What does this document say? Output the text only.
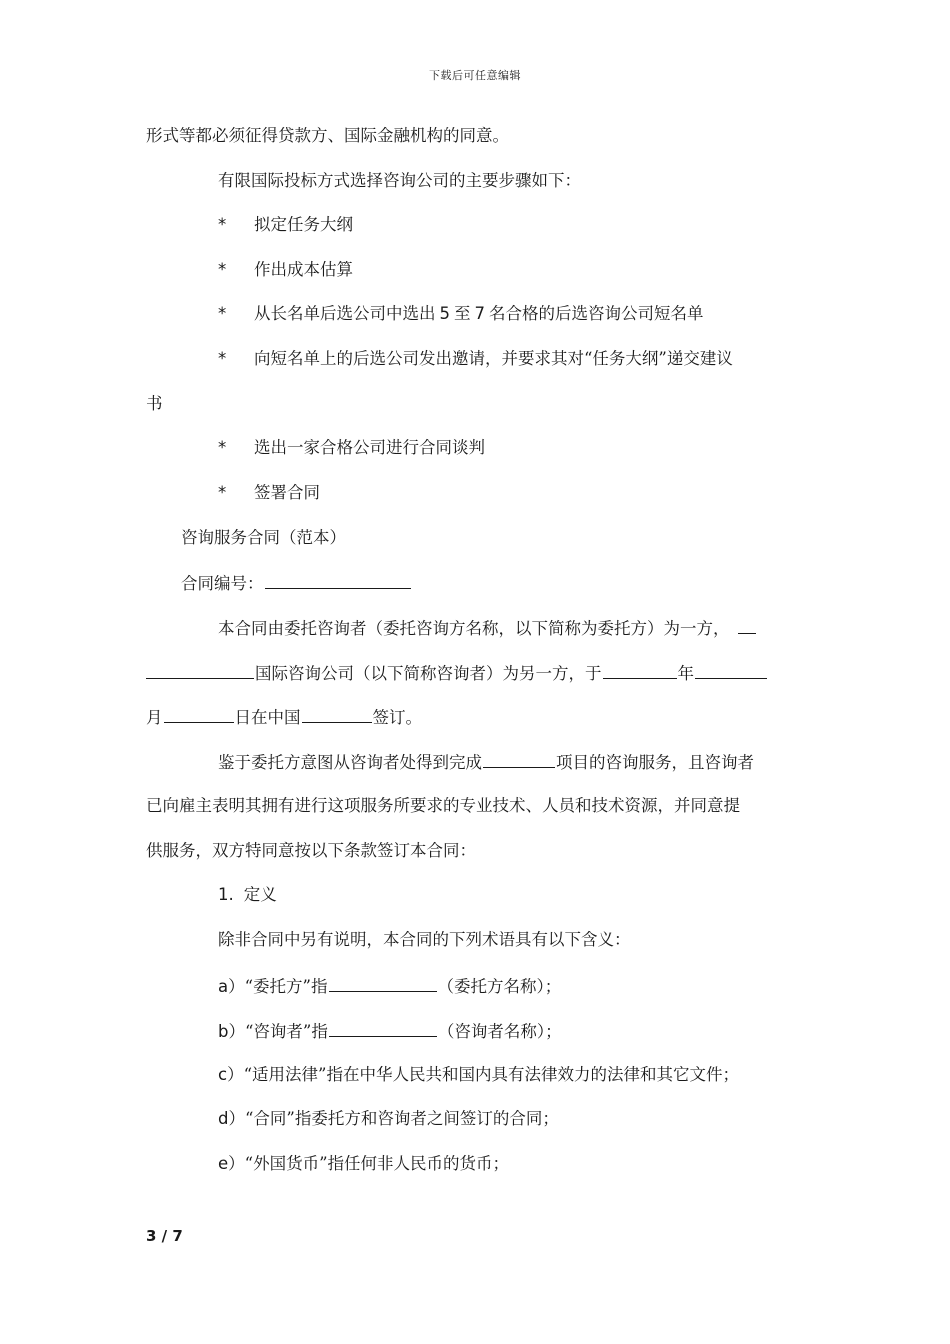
下载后可任意编辑
形式等都必须征得贷款方、国际金融机构的同意。
有限国际投标方式选择咨询公司的主要步骤如下：
* 拟定任务大纲
* 作出成本估算
* 从长名单后选公司中选出 5 至 7 名合格的后选咨询公司短名单
* 向短名单上的后选公司发出邀请，并要求其对“任务大纲”递交建议
书
* 选出一家合格公司进行合同谈判
* 签署合同
咨询服务合同（范本）
合同编号：
本合同由委托咨询者（委托咨询方名称，以下简称为委托方）为一方，
国际咨询公司（以下简称咨询者）为另一方，于	年
月	日在中国	签订。
鉴于委托方意图从咨询者处得到完成	项目的咨询服务，且咨询者
已向雇主表明其拥有进行这项服务所要求的专业技术、人员和技术资源，并同意提
供服务，双方特同意按以下条款签订本合同：
1. 定义
除非合同中另有说明，本合同的下列术语具有以下含义：
a）“委托方”指	（委托方名称）；
b）“咨询者”指	（咨询者名称）；
c）“适用法律”指在中华人民共和国内具有法律效力的法律和其它文件；
d）“合同”指委托方和咨询者之间签订的合同；
e）“外国货币”指任何非人民币的货币；
3 / 7
